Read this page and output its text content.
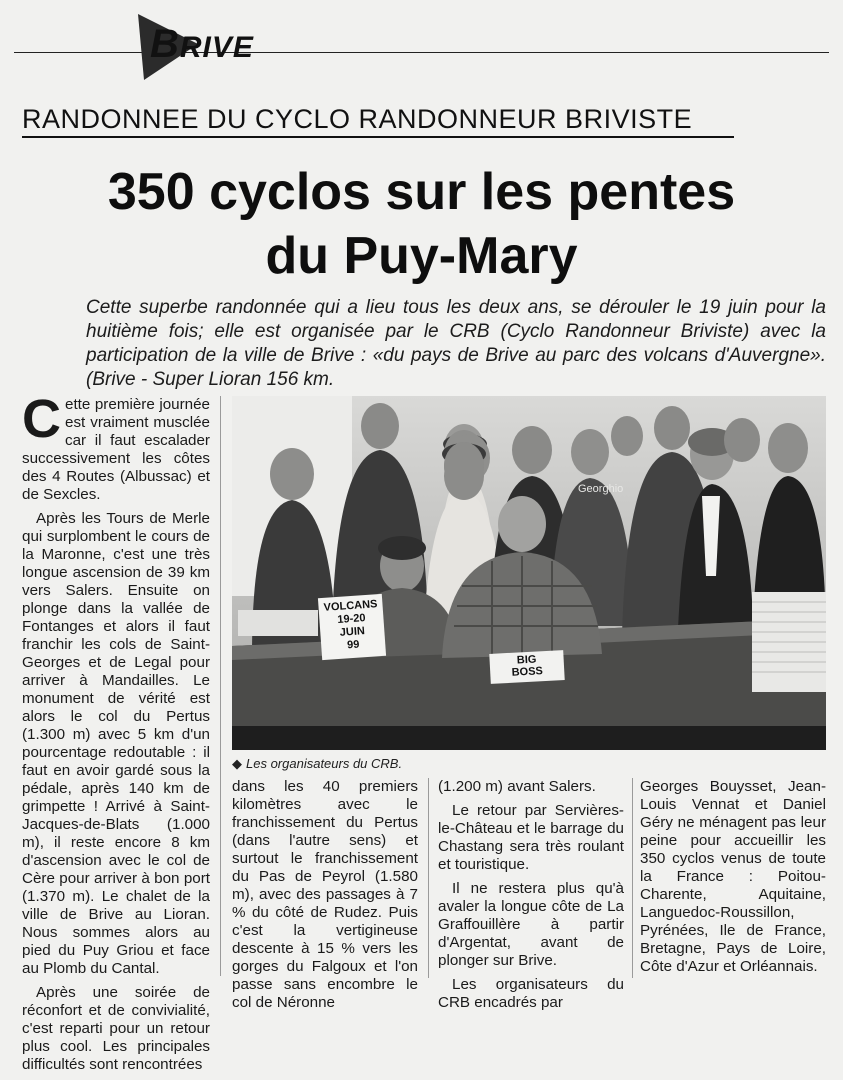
BRIVE
RANDONNEE DU CYCLO RANDONNEUR BRIVISTE
350 cyclos sur les pentes
du Puy-Mary
Cette superbe randonnée qui a lieu tous les deux ans, se dérouler le 19 juin pour la huitième fois; elle est organisée par le CRB (Cyclo Randonneur Briviste) avec la participation de la ville de Brive : «du pays de Brive au parc des volcans d'Auvergne». (Brive - Super Lioran 156 km.
Georghio
VOLCANS 19-20 JUIN 99
BIG BOSS
◆ Les organisateurs du CRB.

Cette première journée est vraiment musclée car il faut escalader successivement les côtes des 4 Routes (Albussac) et de Sexcles.

Après les Tours de Merle qui surplombent le cours de la Maronne, c'est une très longue ascension de 39 km vers Salers. Ensuite on plonge dans la vallée de Fontanges et alors il faut franchir les cols de Saint-Georges et de Legal pour arriver à Mandailles. Le monument de vérité est alors le col du Pertus (1.300 m) avec 5 km d'un pourcentage redoutable : il faut en avoir gardé sous la pédale, après 140 km de grimpette ! Arrivé à Saint-Jacques-de-Blats (1.000 m), il reste encore 8 km d'ascension avec le col de Cère pour arriver à bon port (1.370 m). Le chalet de la ville de Brive au Lioran. Nous sommes alors au pied du Puy Griou et face au Plomb du Cantal.

Après une soirée de réconfort et de convivialité, c'est reparti pour un retour plus cool. Les principales difficultés sont rencontrées

dans les 40 premiers kilomètres avec le franchissement du Pertus (dans l'autre sens) et surtout le franchissement du Pas de Peyrol (1.580 m), avec des passages à 7 % du côté de Rudez. Puis c'est la vertigineuse descente à 15 % vers les gorges du Falgoux et l'on passe sans encombre le col de Néronne

(1.200 m) avant Salers.

Le retour par Servières-le-Château et le barrage du Chastang sera très roulant et touristique.

Il ne restera plus qu'à avaler la longue côte de La Graffouillère à partir d'Argentat, avant de plonger sur Brive.

Les organisateurs du CRB encadrés par

Georges Bouysset, Jean-Louis Vennat et Daniel Géry ne ménagent pas leur peine pour accueillir les 350 cyclos venus de toute la France : Poitou-Charente, Aquitaine, Languedoc-Roussillon, Pyrénées, Ile de France, Bretagne, Pays de Loire, Côte d'Azur et Orléannais.
